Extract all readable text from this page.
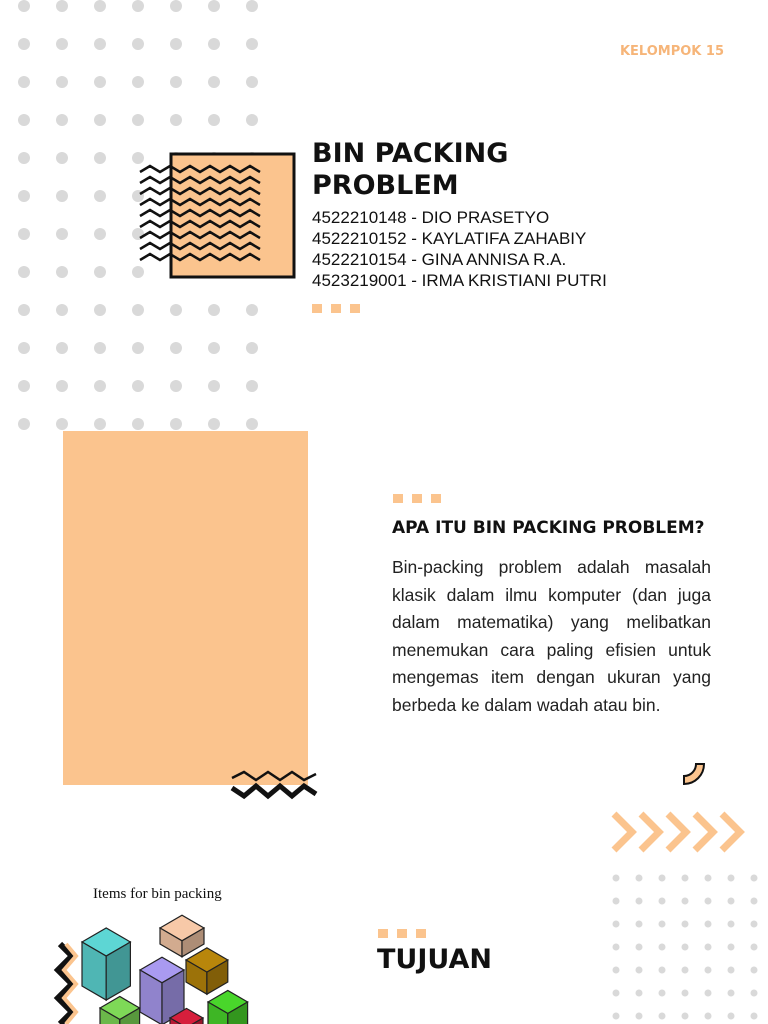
KELOMPOK 15
BIN PACKING
PROBLEM
4522210148 - DIO PRASETYO
4522210152 - KAYLATIFA ZAHABIY
4522210154 - GINA ANNISA R.A.
4523219001 - IRMA KRISTIANI PUTRI
APA ITU BIN PACKING PROBLEM?
Bin-packing problem adalah masalah klasik dalam ilmu komputer (dan juga dalam matematika) yang melibatkan menemukan cara paling efisien untuk mengemas item dengan ukuran yang berbeda ke dalam wadah atau bin.
Items for bin packing
TUJUAN
